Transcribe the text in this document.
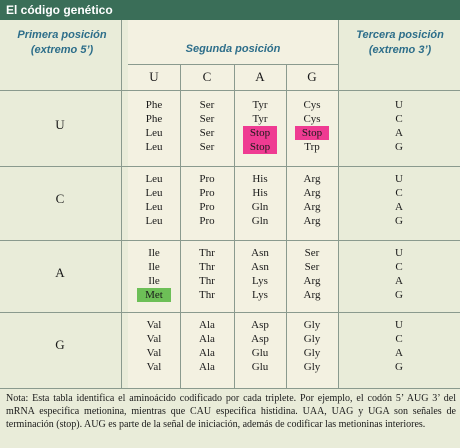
El código genético
Primera posición (extremo 5’)	Segunda posición
Tercera posición (extremo 3’)
U	C	A	G
U
Phe	Ser	Tyr	Cys	U
Phe	Ser	Tyr	Cys	C
Leu	Ser	Stop	Stop	A
Leu	Ser	Stop	Trp	G
C
Leu	Pro	His	Arg	U
Leu	Pro	His	Arg	C
Leu	Pro	Gln	Arg	A
Leu	Pro	Gln	Arg	G
A
Ile	Thr	Asn	Ser	U
Ile	Thr	Asn	Ser	C
Ile	Thr	Lys	Arg	A
Met	Thr	Lys	Arg	G
G
Val	Ala	Asp	Gly	U
Val	Ala	Asp	Gly	C
Val	Ala	Glu	Gly	A
Val	Ala	Glu	Gly	G
Nota: Esta tabla identifica el aminoácido codificado por cada triplete. Por ejemplo, el codón 5’ AUG 3’ del mRNA especifica metionina, mientras que CAU especifica histidina. UAA, UAG y UGA son señales de terminación (stop). AUG es parte de la señal de iniciación, además de codificar las metioninas interiores.
